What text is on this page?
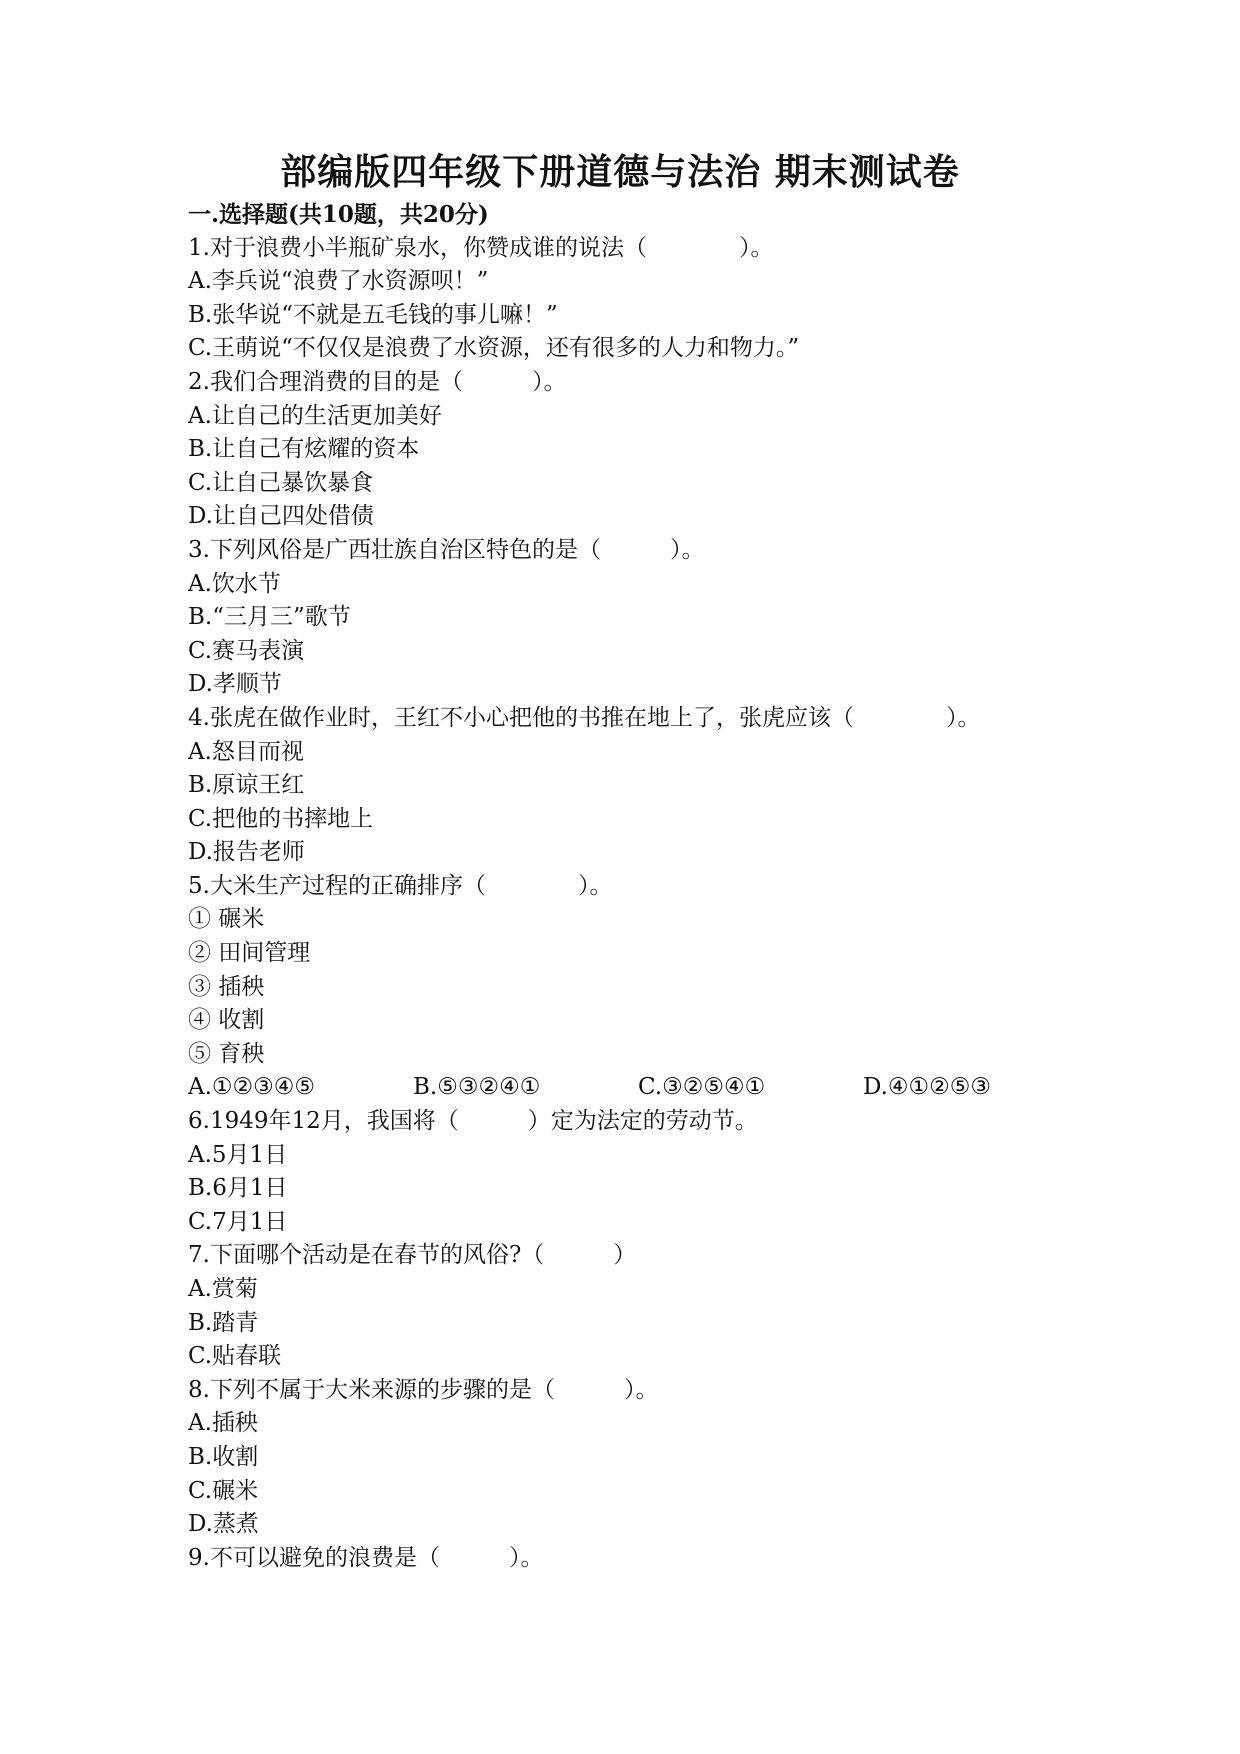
部编版四年级下册道德与法治 期末测试卷
一.选择题(共10题，共20分)
1.对于浪费小半瓶矿泉水，你赞成谁的说法（　　　　）。
A.李兵说“浪费了水资源呗！”
B.张华说“不就是五毛钱的事儿嘛！”
C.王萌说“不仅仅是浪费了水资源，还有很多的人力和物力。”
2.我们合理消费的目的是（　　　）。
A.让自己的生活更加美好
B.让自己有炫耀的资本
C.让自己暴饮暴食
D.让自己四处借债
3.下列风俗是广西壮族自治区特色的是（　　　）。
A.饮水节
B.“三月三”歌节
C.赛马表演
D.孝顺节
4.张虎在做作业时，王红不小心把他的书推在地上了，张虎应该（　　　　）。
A.怒目而视
B.原谅王红
C.把他的书摔地上
D.报告老师
5.大米生产过程的正确排序（　　　　）。
① 碾米
② 田间管理
③ 插秧
④ 收割
⑤ 育秧
A.①②③④⑤	B.⑤③②④①	C.③②⑤④①	D.④①②⑤③
6.1949年12月，我国将（　　　）定为法定的劳动节。
A.5月1日
B.6月1日
C.7月1日
7.下面哪个活动是在春节的风俗?（　　　）
A.赏菊
B.踏青
C.贴春联
8.下列不属于大米来源的步骤的是（　　　）。
A.插秧
B.收割
C.碾米
D.蒸煮
9.不可以避免的浪费是（　　　）。
